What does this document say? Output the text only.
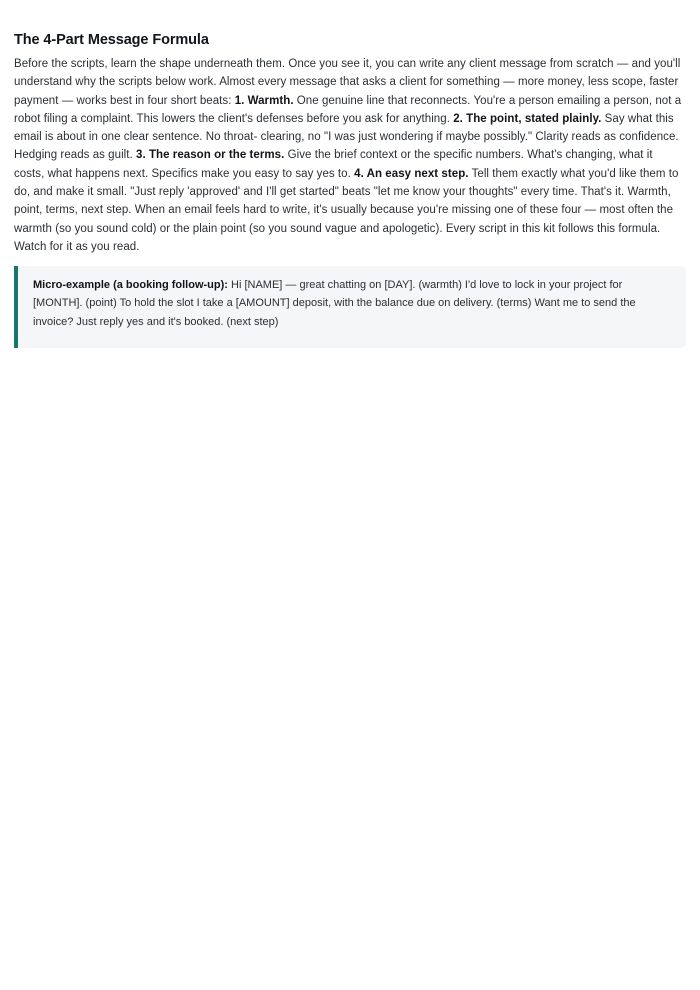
The 4-Part Message Formula

Before the scripts, learn the shape underneath them. Once you see it, you can write any client message from scratch — and you'll understand why the scripts below work. Almost every message that asks a client for something — more money, less scope, faster payment — works best in four short beats: 1. Warmth. One genuine line that reconnects. You're a person emailing a person, not a robot filing a complaint. This lowers the client's defenses before you ask for anything. 2. The point, stated plainly. Say what this email is about in one clear sentence. No throat- clearing, no "I was just wondering if maybe possibly." Clarity reads as confidence. Hedging reads as guilt. 3. The reason or the terms. Give the brief context or the specific numbers. What's changing, what it costs, what happens next. Specifics make you easy to say yes to. 4. An easy next step. Tell them exactly what you'd like them to do, and make it small. "Just reply 'approved' and I'll get started" beats "let me know your thoughts" every time. That's it. Warmth, point, terms, next step. When an email feels hard to write, it's usually because you're missing one of these four — most often the warmth (so you sound cold) or the plain point (so you sound vague and apologetic). Every script in this kit follows this formula. Watch for it as you read.

Micro-example (a booking follow-up): Hi [NAME] — great chatting on [DAY]. (warmth) I'd love to lock in your project for [MONTH]. (point) To hold the slot I take a [AMOUNT] deposit, with the balance due on delivery. (terms) Want me to send the invoice? Just reply yes and it's booked. (next step)
